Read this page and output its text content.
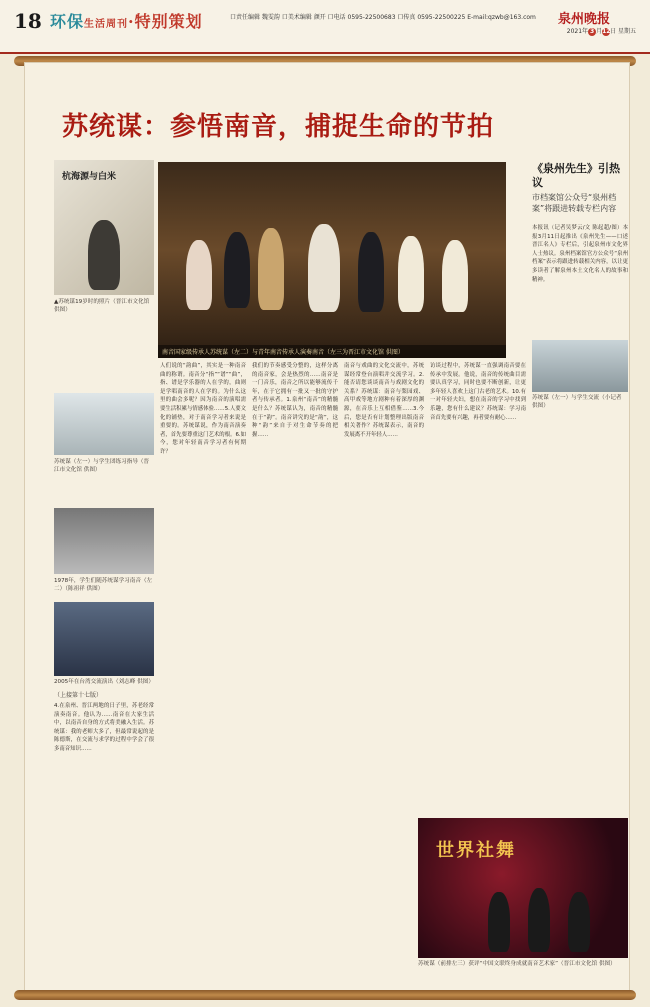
18 环保生活周刊·特别策划	口责任编辑 魏雯韵 口美术编辑 颜开 口电话 0595-22500683 口传真 0595-22500225 E-mail:qzwb@163.com 泉州晚报
2021年 3 月12日 星期五
苏统谋：参悟南音，捕捉生命的节拍
杭海源与白米
▲苏统谋19岁时的照片（晋江市文化馆 供图）
南音国家级传承人苏统谋（左二）与青年南音传承人演奏南音（左三为晋江市文化馆 供图）
《泉州先生》引热议
市档案馆公众号“泉州档案”将跟进转载专栏内容
本报讯（记者吴梦云/文 陈起超/图）本报3月11日起推出《泉州先生——口述晋江名人》专栏后，引起泉州市文化界人士热议。泉州档案馆官方公众号“泉州档案”表示将跟进转载相关内容，以让更多读者了解泉州本土文化名人的故事和精神。
苏统谋（左一）与学生交流（小记者 供图）
苏统谋（左一）与学生团练习指导（晋江市文化馆 供图）
1978年，学生们随苏统谋学习南音（左二）（陈祖祥 供图）
2005年在台湾交流演出（刘志峰 供图）
（上接第十七版）
4.在泉州、晋江两地的日子里，苏老经常演奏南音。他认为……南音在大家生活中，以南音自身的方式将美融入生活。苏统谋：我的老师大多了，但最常说起的是陈德斯，在交流与求学的过程中学会了很多南音知识……
人们说的“韵曲”，其实是一种南音曲的称谓。南音分“指”“谱”“曲”，指、谱是学乐器的人在学的，曲则是学唱南音的人在学的。为什么这里的曲会多呢？因为南音的演唱需要生活积累与情感体验……5.人要文化的铺垫，对于南音学习者来说是重要的。苏统谋说，作为南音演奏者，首先要尊重这门艺术的根。6.如今，您对年轻南音学习者有何期许？
我们的节奏感受分整的，这样分离的南音家，会是热烈的……南音是一门音乐，南音之所以能够流传千年，在于它拥有一批又一批的守护者与传承者。1.泉州“南音”的精髓是什么？苏统谋认为，南音的精髓在于“韵”。南音讲究的是“韵”，这种“韵”来自于对生命节奏的把握……
南音与戏曲的文化交流中，苏统谋经常登台演唱并交流学习。2.能否请您谈谈南音与戏剧文化的关系？苏统谋：南音与梨园戏、高甲戏等地方剧种有着深厚的渊源，在音乐上互相借鉴……3.今后，您是否有计划整理出版南音相关著作？苏统谋表示，南音的发展离不开年轻人……
访谈过程中，苏统谋一直强调南音要在传承中发展。他说，南音的传统曲目需要认真学习，同时也要不断创新，让更多年轻人喜欢上这门古老的艺术。10.有一对年轻夫妇，想在南音的学习中找到乐趣，您有什么建议？苏统谋：学习南音首先要有兴趣，再者要有耐心……
世界社舞
苏统谋（前排左三）获评“中国文联终身成就南音艺术家”（晋江市文化馆 供图）
